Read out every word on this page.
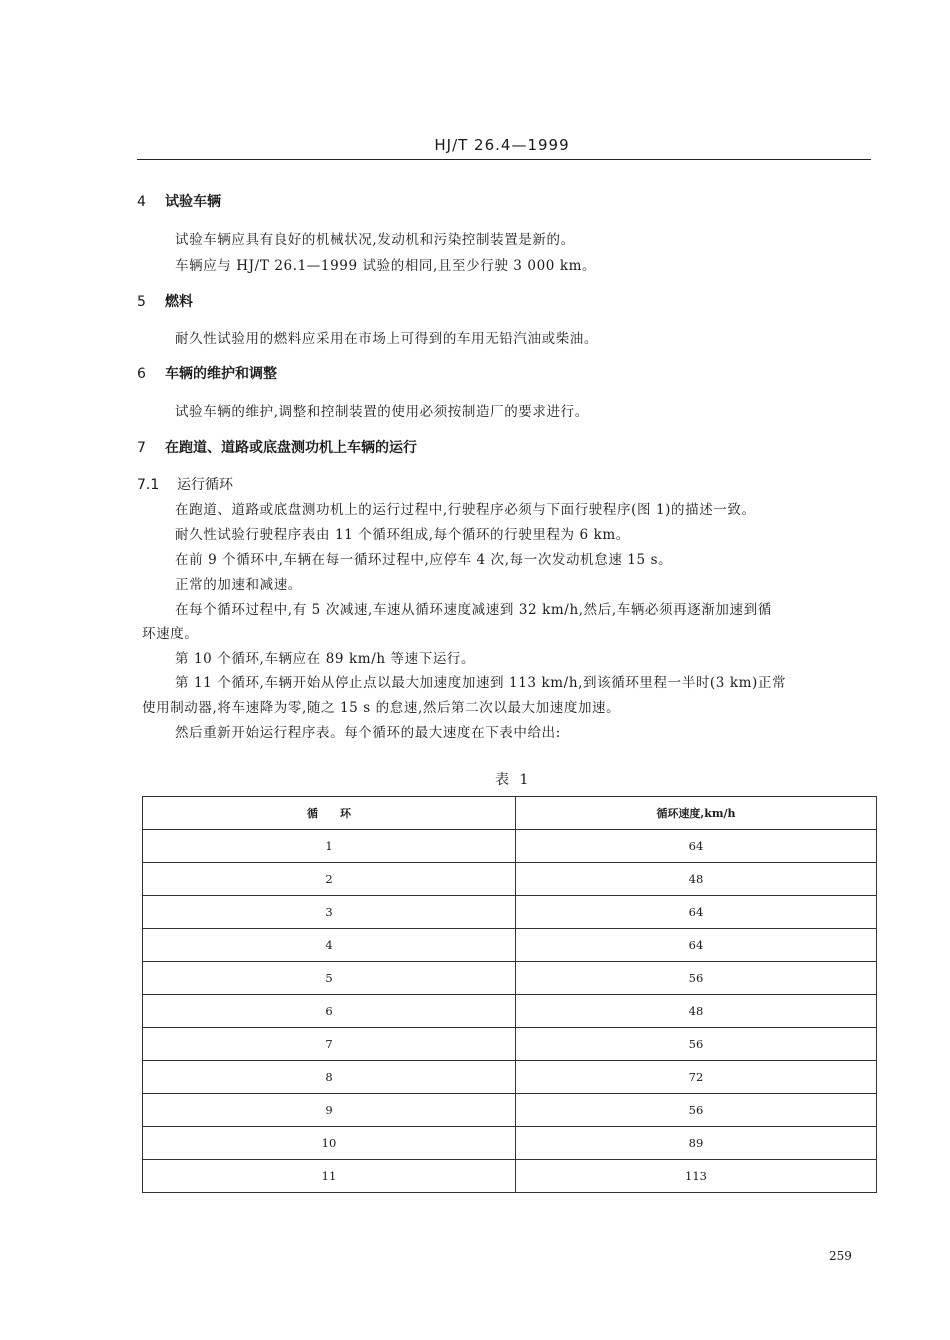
HJ/T 26.4—1999
4 试验车辆
试验车辆应具有良好的机械状况,发动机和污染控制装置是新的。
车辆应与 HJ/T 26.1—1999 试验的相同,且至少行驶 3 000 km。
5 燃料
耐久性试验用的燃料应采用在市场上可得到的车用无铅汽油或柴油。
6 车辆的维护和调整
试验车辆的维护,调整和控制装置的使用必须按制造厂的要求进行。
7 在跑道、道路或底盘测功机上车辆的运行
7.1 运行循环
在跑道、道路或底盘测功机上的运行过程中,行驶程序必须与下面行驶程序(图 1)的描述一致。
耐久性试验行驶程序表由 11 个循环组成,每个循环的行驶里程为 6 km。
在前 9 个循环中,车辆在每一循环过程中,应停车 4 次,每一次发动机怠速 15 s。
正常的加速和减速。
在每个循环过程中,有 5 次减速,车速从循环速度减速到 32 km/h,然后,车辆必须再逐渐加速到循
环速度。
第 10 个循环,车辆应在 89 km/h 等速下运行。
第 11 个循环,车辆开始从停止点以最大加速度加速到 113 km/h,到该循环里程一半时(3 km)正常
使用制动器,将车速降为零,随之 15 s 的怠速,然后第二次以最大加速度加速。
然后重新开始运行程序表。每个循环的最大速度在下表中给出:
表 1
循　　环	循环速度,km/h
1	64
2	48
3	64
4	64
5	56
6	48
7	56
8	72
9	56
10	89
11	113
259
